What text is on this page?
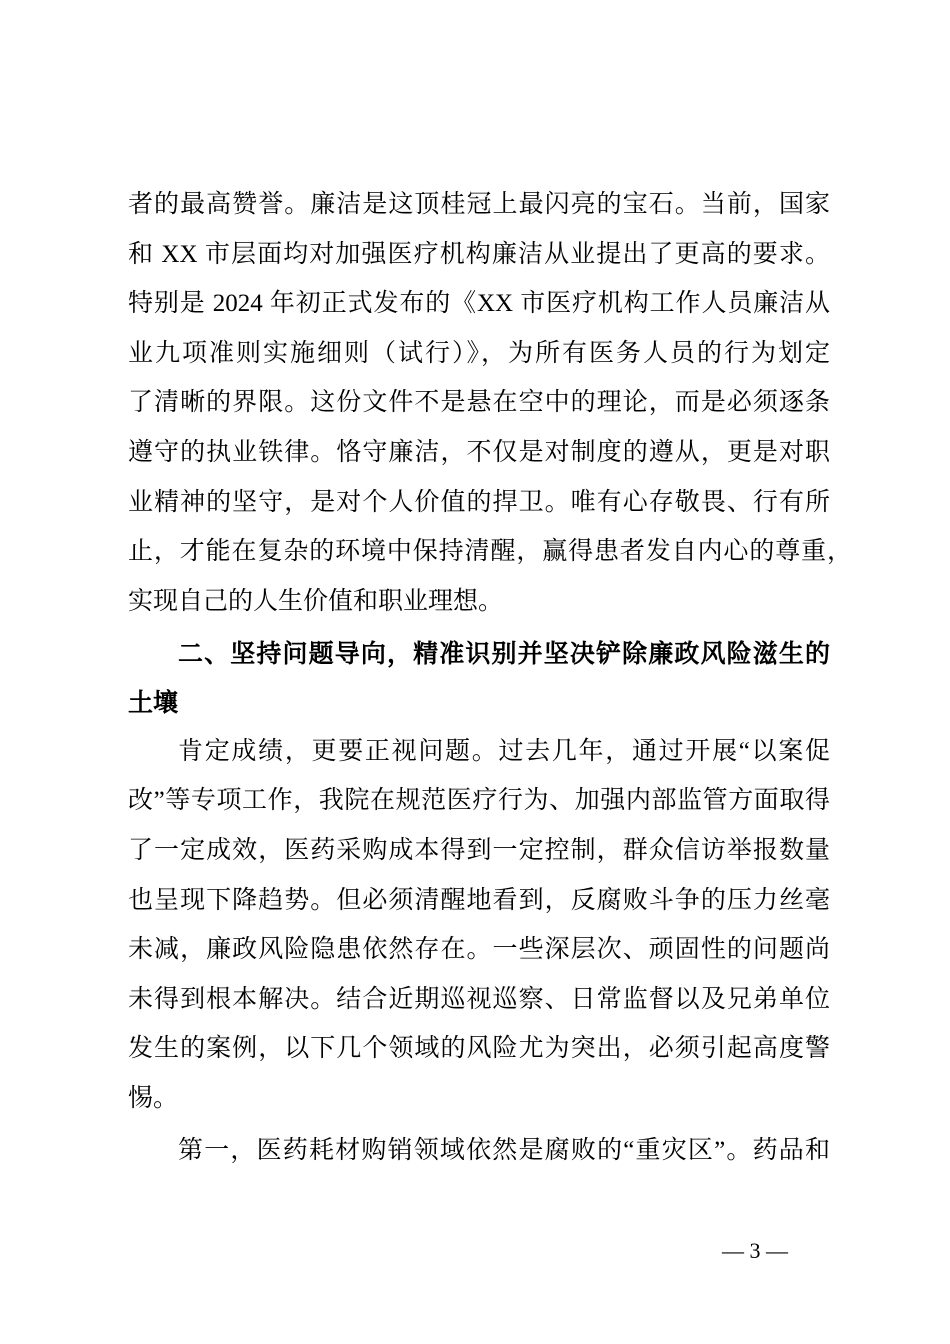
者的最高赞誉。廉洁是这顶桂冠上最闪亮的宝石。当前，国家
和 XX 市层面均对加强医疗机构廉洁从业提出了更高的要求。
特别是 2024 年初正式发布的《XX 市医疗机构工作人员廉洁从
业九项准则实施细则（试行）》，为所有医务人员的行为划定
了清晰的界限。这份文件不是悬在空中的理论，而是必须逐条
遵守的执业铁律。恪守廉洁，不仅是对制度的遵从，更是对职
业精神的坚守，是对个人价值的捍卫。唯有心存敬畏、行有所
止，才能在复杂的环境中保持清醒，赢得患者发自内心的尊重，
实现自己的人生价值和职业理想。
二、坚持问题导向，精准识别并坚决铲除廉政风险滋生的
土壤
肯定成绩，更要正视问题。过去几年，通过开展“以案促
改”等专项工作，我院在规范医疗行为、加强内部监管方面取得
了一定成效，医药采购成本得到一定控制，群众信访举报数量
也呈现下降趋势。但必须清醒地看到，反腐败斗争的压力丝毫
未减，廉政风险隐患依然存在。一些深层次、顽固性的问题尚
未得到根本解决。结合近期巡视巡察、日常监督以及兄弟单位
发生的案例，以下几个领域的风险尤为突出，必须引起高度警
惕。
第一，医药耗材购销领域依然是腐败的“重灾区”。药品和
— 3 —
